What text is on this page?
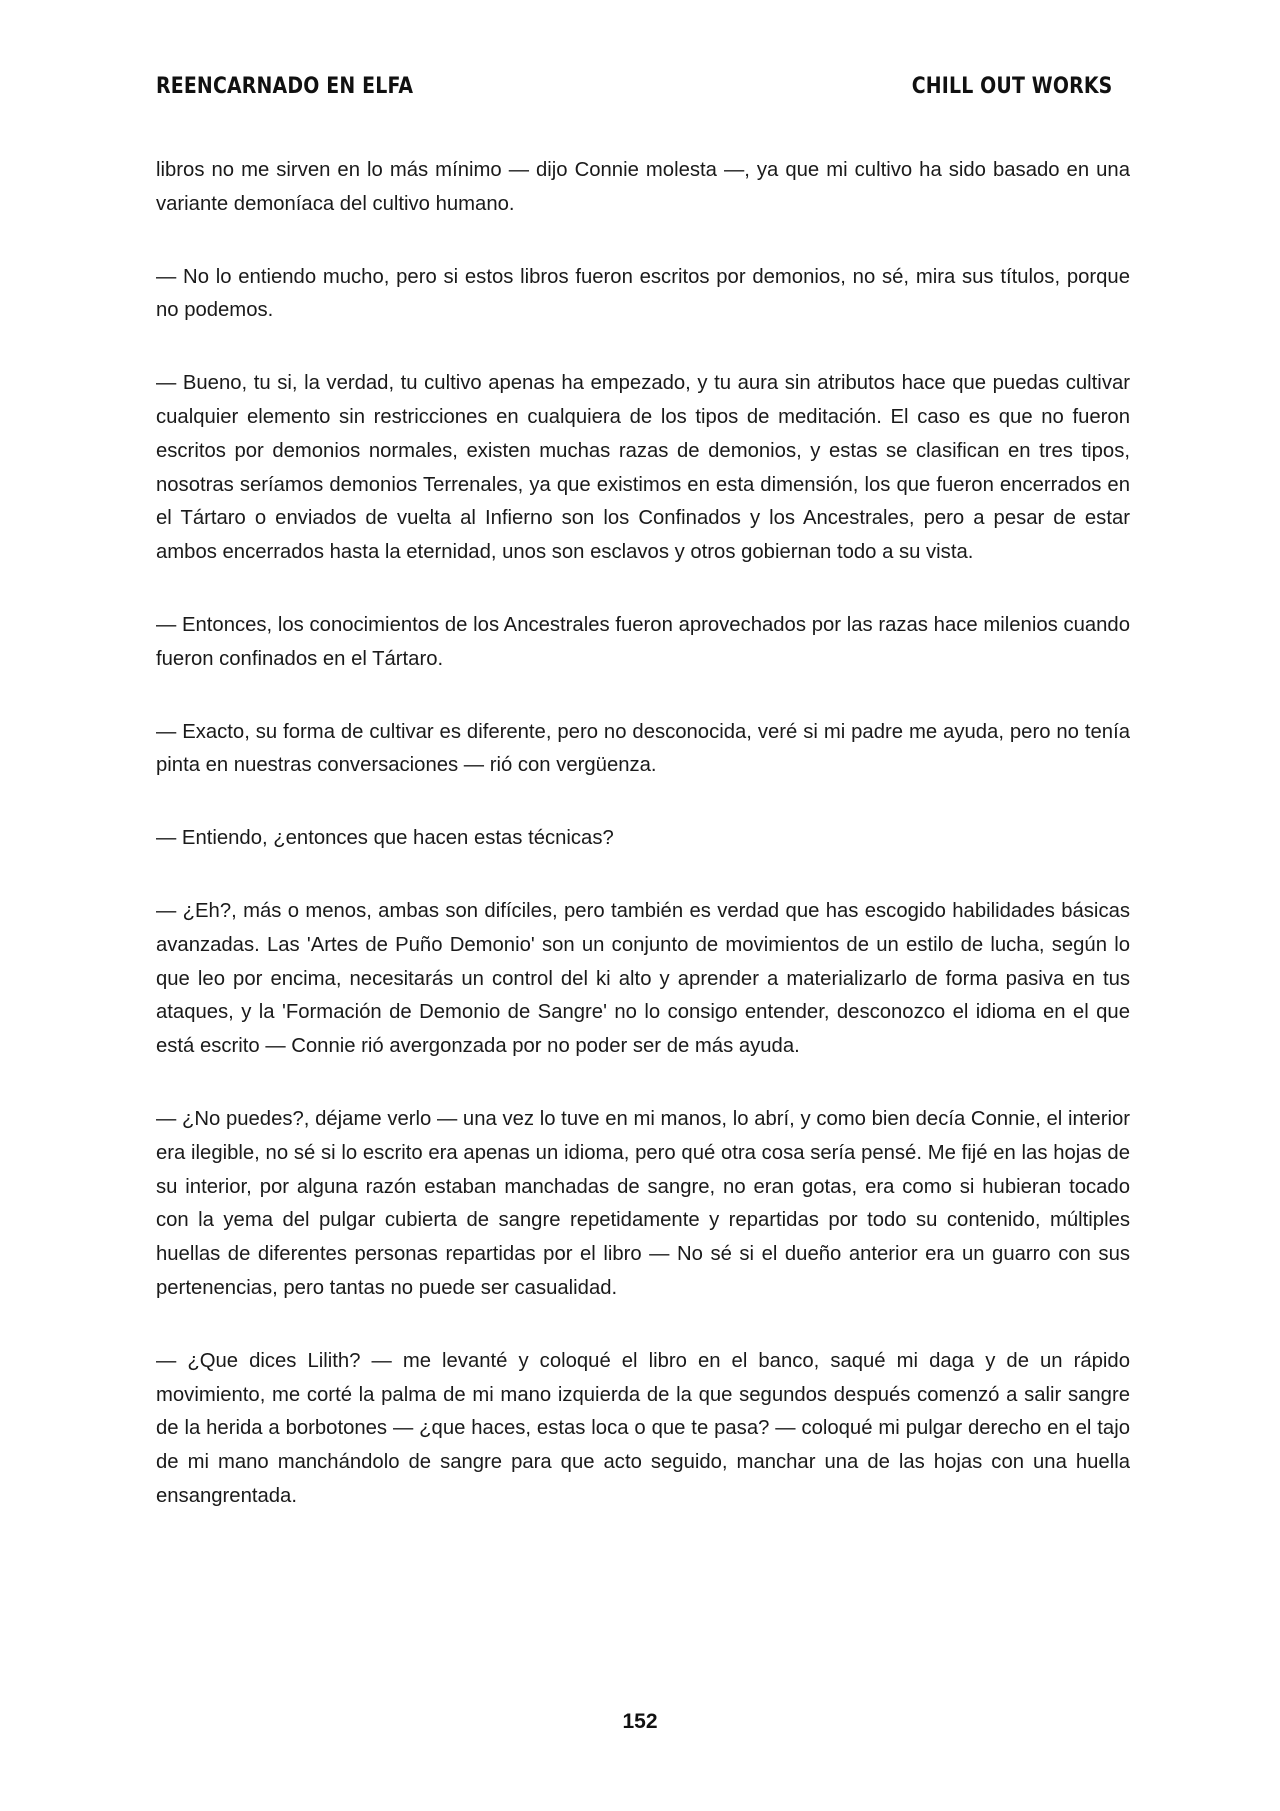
REENCARNADO EN ELFA	CHILL OUT WORKS

libros no me sirven en lo más mínimo — dijo Connie molesta —, ya que mi cultivo ha sido basado en una variante demoníaca del cultivo humano.

— No lo entiendo mucho, pero si estos libros fueron escritos por demonios, no sé, mira sus títulos, porque no podemos.

— Bueno, tu si, la verdad, tu cultivo apenas ha empezado, y tu aura sin atributos hace que puedas cultivar cualquier elemento sin restricciones en cualquiera de los tipos de meditación. El caso es que no fueron escritos por demonios normales, existen muchas razas de demonios, y estas se clasifican en tres tipos, nosotras seríamos demonios Terrenales, ya que existimos en esta dimensión, los que fueron encerrados en el Tártaro o enviados de vuelta al Infierno son los Confinados y los Ancestrales, pero a pesar de estar ambos encerrados hasta la eternidad, unos son esclavos y otros gobiernan todo a su vista.

— Entonces, los conocimientos de los Ancestrales fueron aprovechados por las razas hace milenios cuando fueron confinados en el Tártaro.

— Exacto, su forma de cultivar es diferente, pero no desconocida, veré si mi padre me ayuda, pero no tenía pinta en nuestras conversaciones — rió con vergüenza.

— Entiendo, ¿entonces que hacen estas técnicas?

— ¿Eh?, más o menos, ambas son difíciles, pero también es verdad que has escogido habilidades básicas avanzadas. Las 'Artes de Puño Demonio' son un conjunto de movimientos de un estilo de lucha, según lo que leo por encima, necesitarás un control del ki alto y aprender a materializarlo de forma pasiva en tus ataques, y la 'Formación de Demonio de Sangre' no lo consigo entender, desconozco el idioma en el que está escrito — Connie rió avergonzada por no poder ser de más ayuda.

— ¿No puedes?, déjame verlo — una vez lo tuve en mi manos, lo abrí, y como bien decía Connie, el interior era ilegible, no sé si lo escrito era apenas un idioma, pero qué otra cosa sería pensé. Me fijé en las hojas de su interior, por alguna razón estaban manchadas de sangre, no eran gotas, era como si hubieran tocado con la yema del pulgar cubierta de sangre repetidamente y repartidas por todo su contenido, múltiples huellas de diferentes personas repartidas por el libro — No sé si el dueño anterior era un guarro con sus pertenencias, pero tantas no puede ser casualidad.

— ¿Que dices Lilith? — me levanté y coloqué el libro en el banco, saqué mi daga y de un rápido movimiento, me corté la palma de mi mano izquierda de la que segundos después comenzó a salir sangre de la herida a borbotones — ¿que haces, estas loca o que te pasa? — coloqué mi pulgar derecho en el tajo de mi mano manchándolo de sangre para que acto seguido, manchar una de las hojas con una huella ensangrentada.

152
